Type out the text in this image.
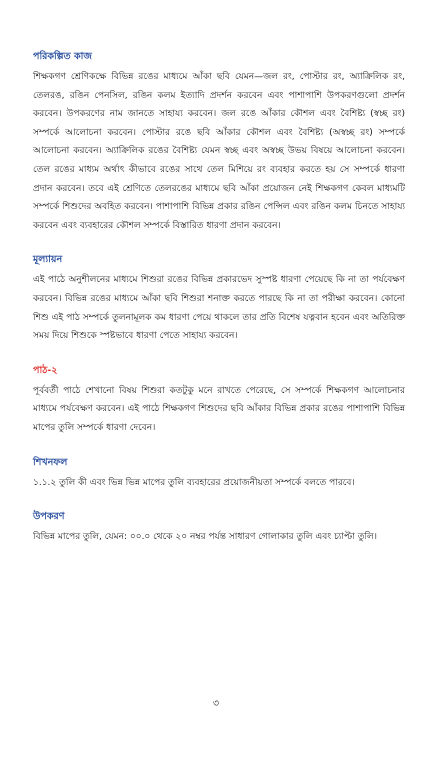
পরিকল্পিত কাজ

শিক্ষকগণ শ্রেণিকক্ষে বিভিন্ন রঙের মাধ্যমে আঁকা ছবি যেমন—জল রং, পোস্টার রং, অ্যাক্রিলিক রং, তেলরঙ, রঙিন পেনসিল, রঙিন কলম ইত্যাদি প্রদর্শন করবেন এবং পাশাপাশি উপকরণগুলো প্রদর্শন করবেন। উপকরণের নাম জানতে সাহায্য করবেন। জল রঙে আঁকার কৌশল এবং বৈশিষ্ট্য (স্বচ্ছ রং) সম্পর্কে আলোচনা করবেন। পোস্টার রঙে ছবি আঁকার কৌশল এবং বৈশিষ্ট্য (অস্বচ্ছ রং) সম্পর্কে আলোচনা করবেন। অ্যাক্রিলিক রঙের বৈশিষ্ট্য যেমন স্বচ্ছ এবং অস্বচ্ছ উভয় বিষয়ে আলোচনা করবেন। তেল রঙের মাধ্যম অর্থাৎ কীভাবে রঙের সাথে তেল মিশিয়ে রং ব্যবহার করতে হয় সে সম্পর্কে ধারণা প্রদান করবেন। তবে এই শ্রেণিতে তেলরঙের মাধ্যমে ছবি আঁকা প্রয়োজন নেই শিক্ষকগণ কেবল মাধ্যমটি সম্পর্কে শিশুদের অবহিত করবেন। পাশাপাশি বিভিন্ন প্রকার রঙিন পেন্সিল এবং রঙিন কলম চিনতে সাহায্য করবেন এবং ব্যবহারের কৌশল সম্পর্কে বিস্তারিত ধারণা প্রদান করবেন।

মূল্যায়ন

এই পাঠে অনুশীলনের মাধ্যমে শিশুরা রঙের বিভিন্ন প্রকারভেদ সুস্পষ্ট ধারণা পেয়েছে কি না তা পর্যবেক্ষণ করবেন। বিভিন্ন রঙের মাধ্যমে আঁকা ছবি শিশুরা শনাক্ত করতে পারছে কি না তা পরীক্ষা করবেন। কোনো শিশু এই পাঠ সম্পর্কে তুলনামূলক কম ধারণা পেয়ে থাকলে তার প্রতি বিশেষ যত্নবান হবেন এবং অতিরিক্ত সময় দিয়ে শিশুকে স্পষ্টভাবে ধারণা পেতে সাহায্য করবেন।

পাঠ-২

পূর্ববর্তী পাঠে শেখানো বিষয় শিশুরা কতটুকু মনে রাখতে পেরেছে, সে সম্পর্কে শিক্ষকগণ আলোচনার মাধ্যমে পর্যবেক্ষণ করবেন। এই পাঠে শিক্ষকগণ শিশুদের ছবি আঁকার বিভিন্ন প্রকার রঙের পাশাপাশি বিভিন্ন মাপের তুলি সম্পর্কে ধারণা দেবেন।

শিখনফল

১.১.২ তুলি কী এবং ভিন্ন ভিন্ন মাপের তুলি ব্যবহারের প্রয়োজনীয়তা সম্পর্কে বলতে পারবে।

উপকরণ

বিভিন্ন মাপের তুলি, যেমন: ০০.০ থেকে ২০ নম্বর পর্যন্ত সাধারণ গোলাকার তুলি এবং চ্যাপ্টা তুলি।

৩
